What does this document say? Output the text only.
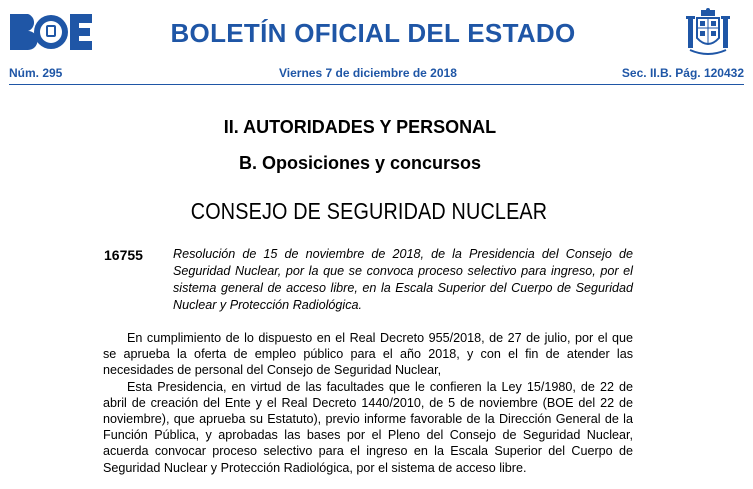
BOLETÍN OFICIAL DEL ESTADO
Núm. 295	Viernes 7 de diciembre de 2018	Sec. II.B. Pág. 120432
II. AUTORIDADES Y PERSONAL
B. Oposiciones y concursos
CONSEJO DE SEGURIDAD NUCLEAR
16755 Resolución de 15 de noviembre de 2018, de la Presidencia del Consejo de Seguridad Nuclear, por la que se convoca proceso selectivo para ingreso, por el sistema general de acceso libre, en la Escala Superior del Cuerpo de Seguridad Nuclear y Protección Radiológica.

En cumplimiento de lo dispuesto en el Real Decreto 955/2018, de 27 de julio, por el que se aprueba la oferta de empleo público para el año 2018, y con el fin de atender las necesidades de personal del Consejo de Seguridad Nuclear,

Esta Presidencia, en virtud de las facultades que le confieren la Ley 15/1980, de 22 de abril de creación del Ente y el Real Decreto 1440/2010, de 5 de noviembre (BOE del 22 de noviembre), que aprueba su Estatuto), previo informe favorable de la Dirección General de la Función Pública, y aprobadas las bases por el Pleno del Consejo de Seguridad Nuclear, acuerda convocar proceso selectivo para el ingreso en la Escala Superior del Cuerpo de Seguridad Nuclear y Protección Radiológica, por el sistema de acceso libre.
